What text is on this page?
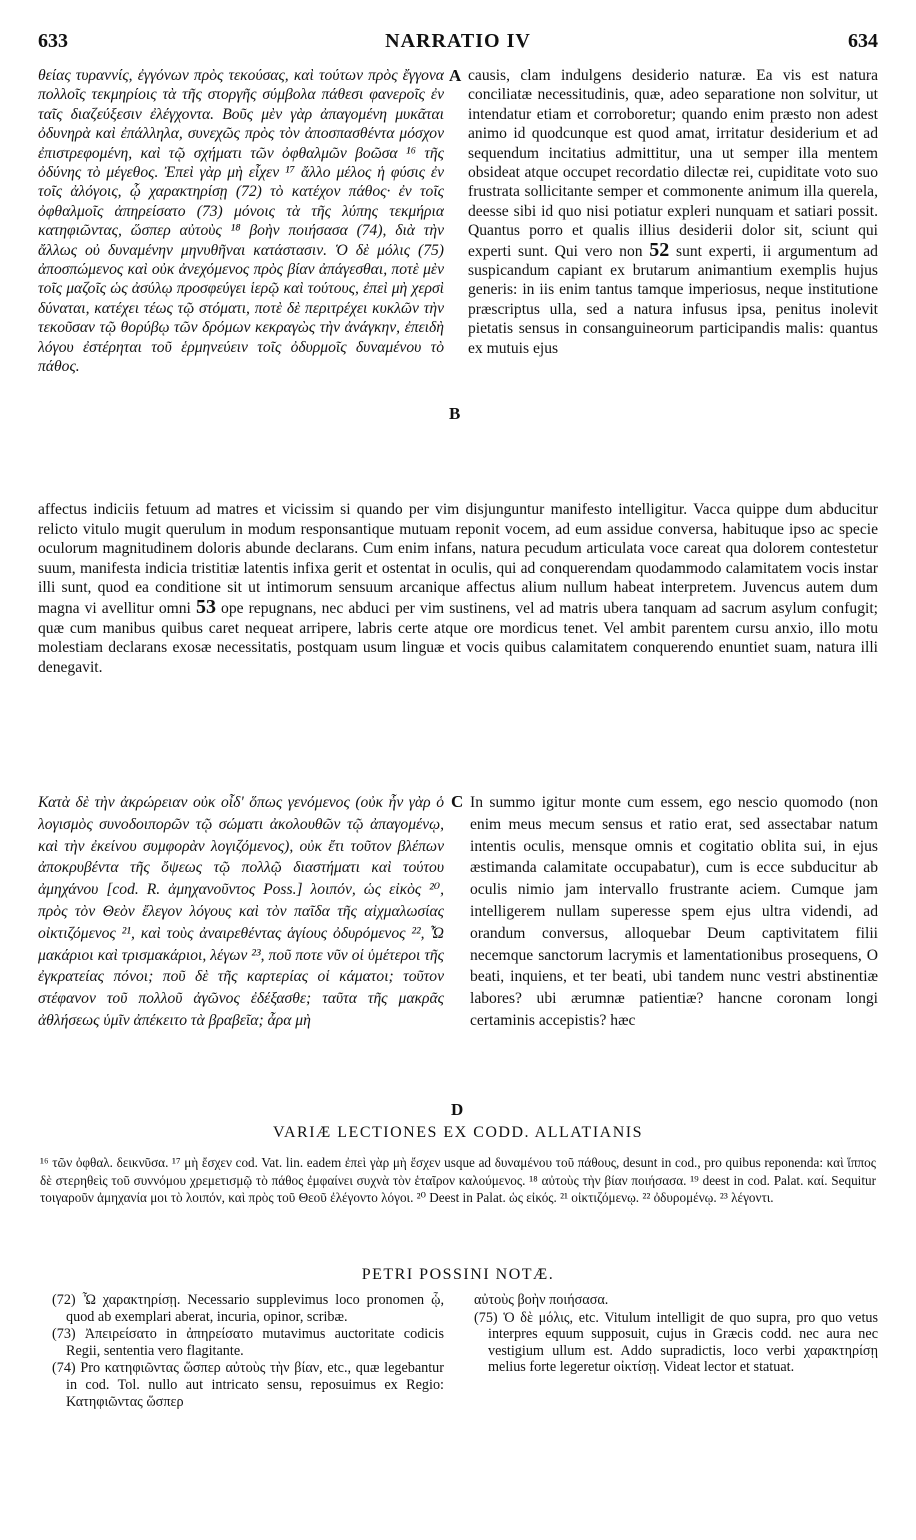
633	NARRATIO IV	634
θείας τυραννίς, ἐγγόνων πρὸς τεκούσας, καὶ τούτων πρὸς ἔγγονα πολλοῖς τεκμηρίοις τὰ τῆς στοργῆς σύμβολα πάθεσι φανεροῖς ἐν ταῖς διαζεύξεσιν ἐλέγχοντα. Βοῦς μὲν γὰρ ἀπαγομένη μυκᾶται ὀδυνηρὰ καὶ ἐπάλληλα, συνεχῶς πρὸς τὸν ἀποσπασθέντα μόσχον ἐπιστρεφομένη, καὶ τῷ σχήματι τῶν ὀφθαλμῶν βοῶσα ¹⁶ τῆς ὀδύνης τὸ μέγεθος. Ἐπεὶ γὰρ μὴ εἶχεν ¹⁷ ἄλλο μέλος ἡ φύσις ἐν τοῖς ἀλόγοις, ᾧ χαρακτηρίσῃ (72) τὸ κατέχον πάθος· ἐν τοῖς ὀφθαλμοῖς ἀπηρείσατο (73) μόνοις τὰ τῆς λύπης τεκμήρια κατηφιῶντας, ὥσπερ αὐτοὺς ¹⁸ βοὴν ποιήσασα (74), διὰ τὴν ἄλλως οὐ δυναμένην μηνυθῆναι κατάστασιν. Ὁ δὲ μόλις (75) ἀποσπώμενος καὶ οὐκ ἀνεχόμενος πρὸς βίαν ἀπάγεσθαι, ποτὲ μὲν τοῖς μαζοῖς ὡς ἀσύλῳ προσφεύγει ἱερῷ καὶ τούτους, ἐπεὶ μὴ χερσὶ δύναται, κατέχει τέως τῷ στόματι, ποτὲ δὲ περιτρέχει κυκλῶν τὴν τεκοῦσαν τῷ θορύβῳ τῶν δρόμων κεκραγὼς τὴν ἀνάγκην, ἐπειδὴ λόγου ἐστέρηται τοῦ ἑρμηνεύειν τοῖς ὀδυρμοῖς δυναμένου τὸ πάθος.
A
B
causis, clam indulgens desiderio naturæ. Ea vis est natura conciliatæ necessitudinis, quæ, adeo separatione non solvitur, ut intendatur etiam et corroboretur; quando enim præsto non adest animo id quodcunque est quod amat, irritatur desiderium et ad sequendum incitatius admittitur, una ut semper illa mentem obsideat atque occupet recordatio dilectæ rei, cupiditate voto suo frustrata sollicitante semper et commonente animum illa querela, deesse sibi id quo nisi potiatur expleri nunquam et satiari possit. Quantus porro et qualis illius desiderii dolor sit, sciunt qui experti sunt. Qui vero non 52 sunt experti, ii argumentum ad suspicandum capiant ex brutarum animantium exemplis hujus generis: in iis enim tantus tamque imperiosus, neque institutione præscriptus ulla, sed a natura infusus ipsa, penitus inolevit pietatis sensus in consanguineorum participandis malis: quantus ex mutuis ejus
affectus indiciis fetuum ad matres et vicissim si quando per vim disjunguntur manifesto intelligitur. Vacca quippe dum abducitur relicto vitulo mugit querulum in modum responsantique mutuam reponit vocem, ad eum assidue conversa, habituque ipso ac specie oculorum magnitudinem doloris abunde declarans. Cum enim infans, natura pecudum articulata voce careat qua dolorem contestetur suum, manifesta indicia tristitiæ latentis infixa gerit et ostentat in oculis, qui ad conquerendam quodammodo calamitatem vocis instar illi sunt, quod ea conditione sit ut intimorum sensuum arcanique affectus alium nullum habeat interpretem. Juvencus autem dum magna vi avellitur omni 53 ope repugnans, nec abduci per vim sustinens, vel ad matris ubera tanquam ad sacrum asylum confugit; quæ cum manibus quibus caret nequeat arripere, labris certe atque ore mordicus tenet. Vel ambit parentem cursu anxio, illo motu molestiam declarans exosæ necessitatis, postquam usum linguæ et vocis quibus calamitatem conquerendo enuntiet suam, natura illi denegavit.
Κατὰ δὲ τὴν ἀκρώρειαν οὐκ οἶδ' ὅπως γενόμενος (οὐκ ἦν γὰρ ὁ λογισμὸς συνοδοιπορῶν τῷ σώματι ἀκολουθῶν τῷ ἀπαγομένῳ, καὶ τὴν ἐκείνου συμφορὰν λογιζόμενος), οὐκ ἔτι τοῦτον βλέπων ἀποκρυβέντα τῆς ὄψεως τῷ πολλῷ διαστήματι καὶ τούτου ἀμηχάνου [cod. R. ἀμηχανοῦντος Poss.] λοιπόν, ὡς εἰκὸς ²⁰, πρὸς τὸν Θεὸν ἔλεγον λόγους καὶ τὸν παῖδα τῆς αἰχμαλωσίας οἰκτιζόμενος ²¹, καὶ τοὺς ἀναιρεθέντας ἁγίους ὀδυρόμενος ²², Ὦ μακάριοι καὶ τρισμακάριοι, λέγων ²³, ποῦ ποτε νῦν οἱ ὑμέτεροι τῆς ἐγκρατείας πόνοι; ποῦ δὲ τῆς καρτερίας οἱ κάματοι; τοῦτον στέφανον τοῦ πολλοῦ ἀγῶνος ἐδέξασθε; ταῦτα τῆς μακρᾶς ἀθλήσεως ὑμῖν ἀπέκειτο τὰ βραβεῖα; ἆρα μὴ
C
D
In summo igitur monte cum essem, ego nescio quomodo (non enim meus mecum sensus et ratio erat, sed assectabar natum intentis oculis, mensque omnis et cogitatio oblita sui, in ejus æstimanda calamitate occupabatur), cum is ecce subducitur ab oculis nimio jam intervallo frustrante aciem. Cumque jam intelligerem nullam superesse spem ejus ultra videndi, ad orandum conversus, alloquebar Deum captivitatem filii necemque sanctorum lacrymis et lamentationibus prosequens, O beati, inquiens, et ter beati, ubi tandem nunc vestri abstinentiæ labores? ubi ærumnæ patientiæ? hancne coronam longi certaminis accepistis? hæc
VARIÆ LECTIONES EX CODD. ALLATIANIS
¹⁶ τῶν ὀφθαλ. δεικνῦσα. ¹⁷ μὴ ἔσχεν cod. Vat. lin. eadem ἐπεὶ γὰρ μὴ ἔσχεν usque ad δυναμένου τοῦ πάθους, desunt in cod., pro quibus reponenda: καὶ ἵππος δὲ στερηθεὶς τοῦ συννόμου χρεμετισμῷ τὸ πάθος ἐμφαίνει συχνὰ τὸν ἑταῖρον καλούμενος. ¹⁸ αὐτοὺς τὴν βίαν ποιήσασα. ¹⁹ deest in cod. Palat. καί. Sequitur τοιγαροῦν ἀμηχανία μοι τὸ λοιπόν, καὶ πρὸς τοῦ Θεοῦ ἐλέγοντο λόγοι. ²⁰ Deest in Palat. ὡς εἰκός. ²¹ οἰκτιζόμενῳ. ²² ὀδυρομένῳ. ²³ λέγοντι.
PETRI POSSINI NOTÆ.

(72) Ὦ χαρακτηρίσῃ. Necessario supplevimus loco pronomen ᾧ, quod ab exemplari aberat, incuria, opinor, scribæ.

(73) Ἀπειρείσατο in ἀπηρείσατο mutavimus auctoritate codicis Regii, sententia vero flagitante.

(74) Pro κατηφιῶντας ὥσπερ αὐτοὺς τὴν βίαν, etc., quæ legebantur in cod. Tol. nullo aut intricato sensu, reposuimus ex Regio: Κατηφιῶντας ὥσπερ

αὐτοὺς βοὴν ποιήσασα.

(75) Ὁ δὲ μόλις, etc. Vitulum intelligit de quo supra, pro quo vetus interpres equum supposuit, cujus in Græcis codd. nec aura nec vestigium ullum est. Addo supradictis, loco verbi χαρακτηρίσῃ melius forte legeretur οἰκτίσῃ. Videat lector et statuat.
